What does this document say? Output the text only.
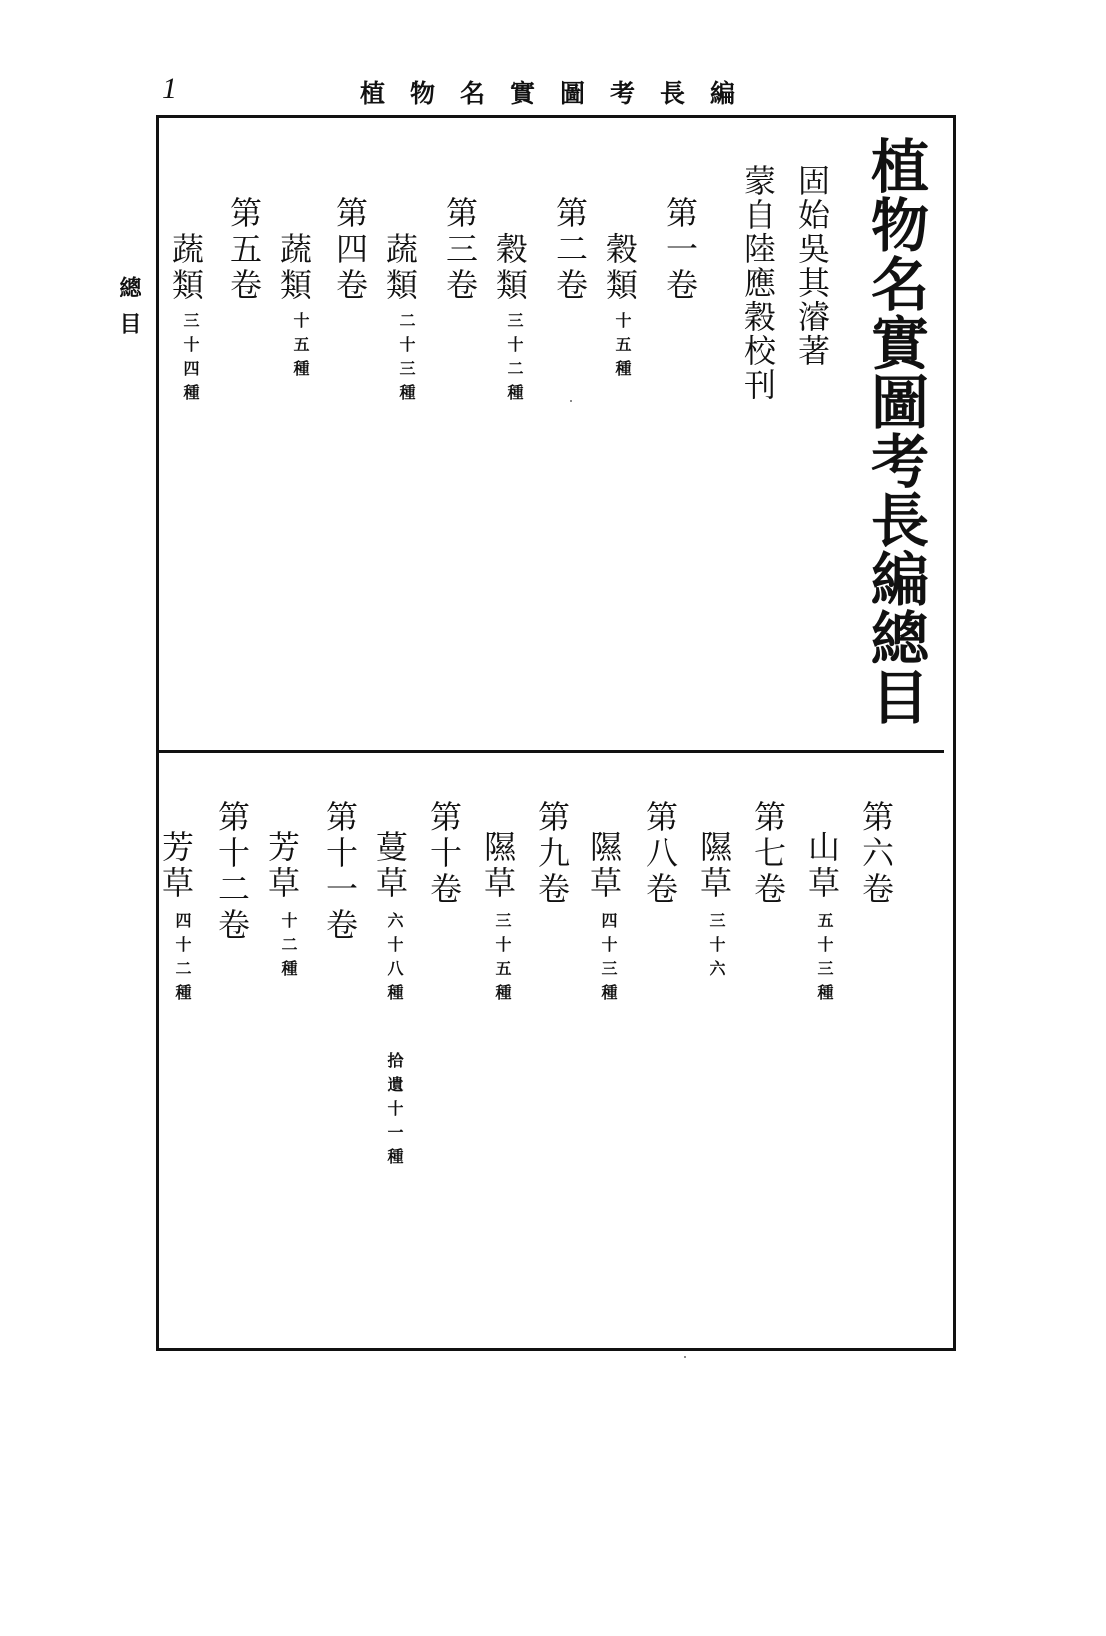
1	植物名實圖考長編
總目	植物名實圖考長編總目
固始吳其濬著
蒙自陸應穀校刊
第一卷
穀類
十五種
第二卷
穀類
三十二種
第三卷
蔬類
二十三種
第四卷
蔬類
十五種
第五卷
蔬類
三十四種
第六卷
山草
五十三種
第七卷
隰草
三十六
第八卷
隰草
四十三種
第九卷
隰草
三十五種
第十卷
蔓草
六十八種
拾遺十一種
第十一卷
芳草
十二種
第十二卷
芳草
四十二種
